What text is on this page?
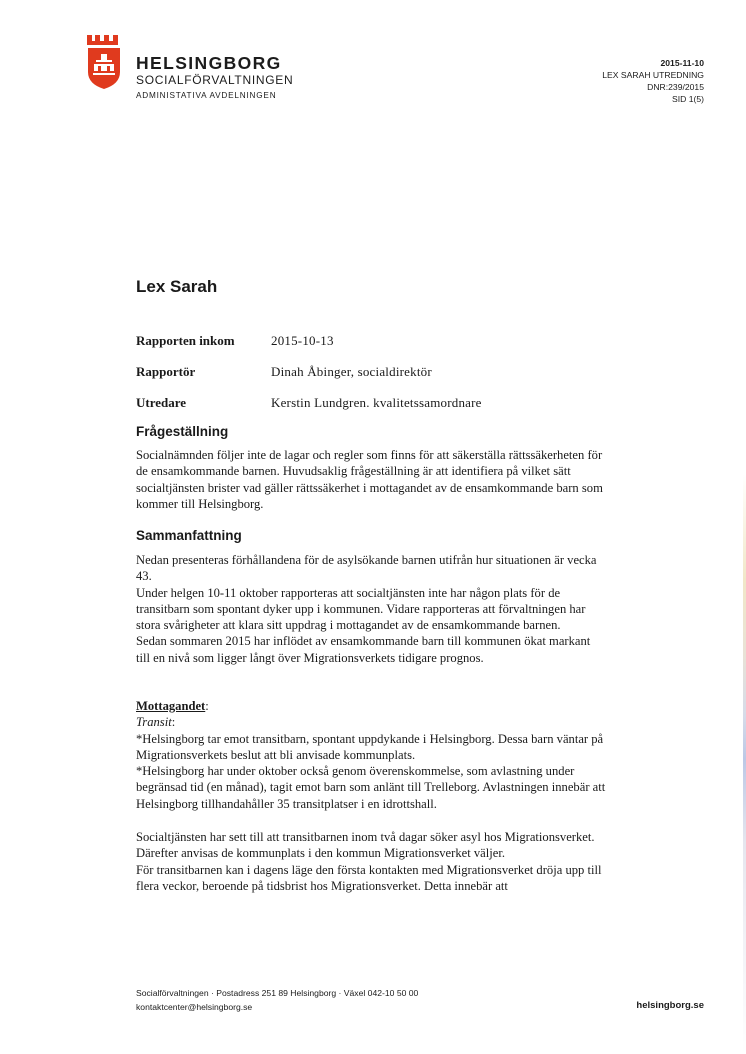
HELSINGBORG
SOCIALFÖRVALTNINGEN
ADMINISTATIVA AVDELNINGEN
2015-11-10
LEX SARAH UTREDNING
DNR:239/2015
SID 1(5)
Lex Sarah
Rapporten inkom	2015-10-13
Rapportör	Dinah Åbinger, socialdirektör
Utredare	Kerstin Lundgren. kvalitetssamordnare
Frågeställning

Socialnämnden följer inte de lagar och regler som finns för att säkerställa rättssäkerheten för de ensamkommande barnen. Huvudsaklig frågeställning är att identifiera på vilket sätt socialtjänsten brister vad gäller rättssäkerhet i mottagandet av de ensamkommande barn som kommer till Helsingborg.

Sammanfattning

Nedan presenteras förhållandena för de asylsökande barnen utifrån hur situationen är vecka 43.

Under helgen 10-11 oktober rapporteras att socialtjänsten inte har någon plats för de transitbarn som spontant dyker upp i kommunen. Vidare rapporteras att förvaltningen har stora svårigheter att klara sitt uppdrag i mottagandet av de ensamkommande barnen.

Sedan sommaren 2015 har inflödet av ensamkommande barn till kommunen ökat markant till en nivå som ligger långt över Migrationsverkets tidigare prognos.

Mottagandet:

Transit:

*Helsingborg tar emot transitbarn, spontant uppdykande i Helsingborg. Dessa barn väntar på Migrationsverkets beslut att bli anvisade kommunplats.

*Helsingborg har under oktober också genom överenskommelse, som avlastning under begränsad tid (en månad), tagit emot barn som anlänt till Trelleborg. Avlastningen innebär att Helsingborg tillhandahåller 35 transitplatser i en idrottshall.

Socialtjänsten har sett till att transitbarnen inom två dagar söker asyl hos Migrationsverket. Därefter anvisas de kommunplats i den kommun Migrationsverket väljer.

För transitbarnen kan i dagens läge den första kontakten med Migrationsverket dröja upp till flera veckor, beroende på tidsbrist hos Migrationsverket. Detta innebär att

Socialförvaltningen · Postadress 251 89 Helsingborg · Växel 042-10 50 00
kontaktcenter@helsingborg.se	helsingborg.se
